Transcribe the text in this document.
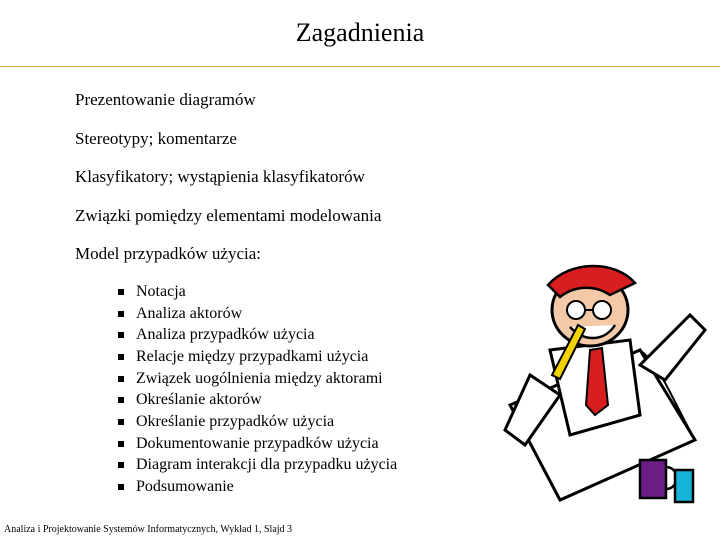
Zagadnienia
Prezentowanie diagramów
Stereotypy; komentarze
Klasyfikatory; wystąpienia klasyfikatorów
Związki pomiędzy elementami modelowania
Model przypadków użycia:
Notacja
Analiza aktorów
Analiza przypadków użycia
Relacje między przypadkami użycia
Związek uogólnienia między aktorami
Określanie aktorów
Określanie przypadków użycia
Dokumentowanie przypadków użycia
Diagram interakcji dla przypadku użycia
Podsumowanie
Analiza i Projektowanie Systemów Informatycznych, Wykład 1, Slajd 3
